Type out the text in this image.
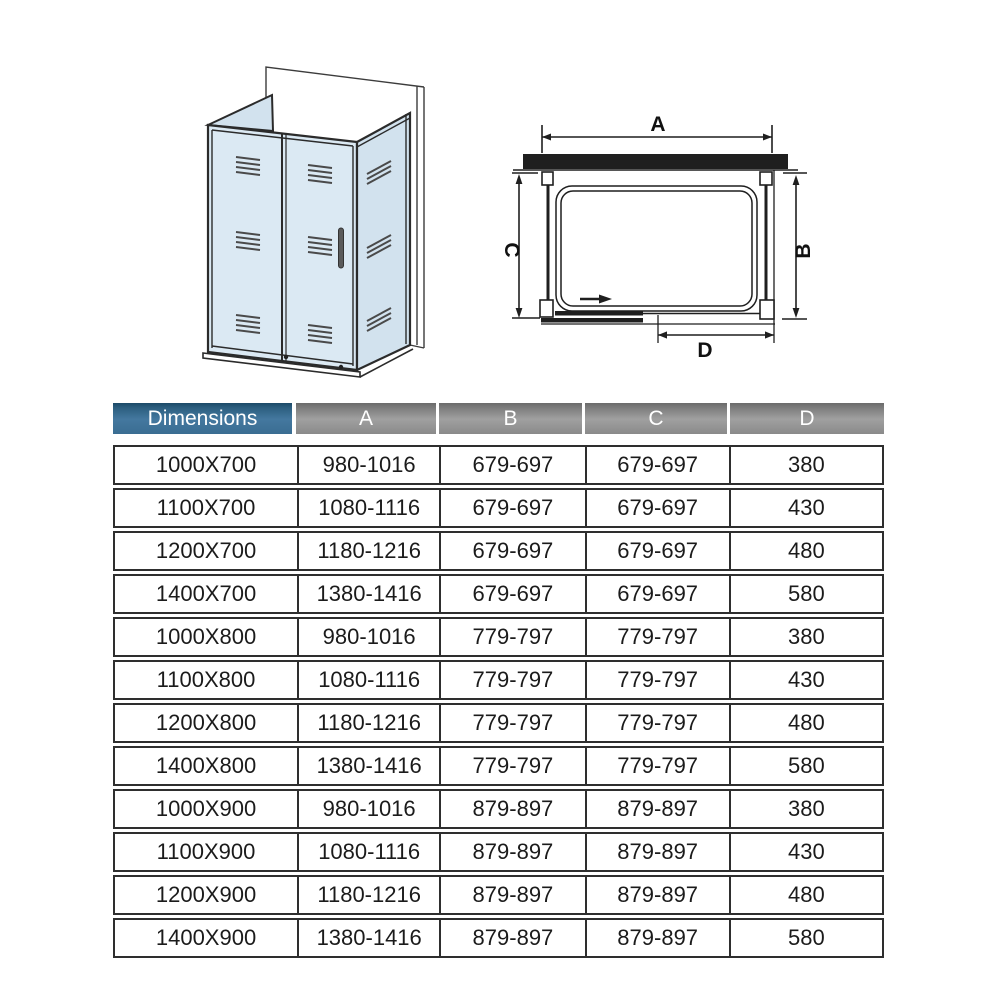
A
B
C
D
Dimensions	A	B	C	D
1000X700	980-1016	679-697	679-697	380
1100X700	1080-1116	679-697	679-697	430
1200X700	1180-1216	679-697	679-697	480
1400X700	1380-1416	679-697	679-697	580
1000X800	980-1016	779-797	779-797	380
1100X800	1080-1116	779-797	779-797	430
1200X800	1180-1216	779-797	779-797	480
1400X800	1380-1416	779-797	779-797	580
1000X900	980-1016	879-897	879-897	380
1100X900	1080-1116	879-897	879-897	430
1200X900	1180-1216	879-897	879-897	480
1400X900	1380-1416	879-897	879-897	580
